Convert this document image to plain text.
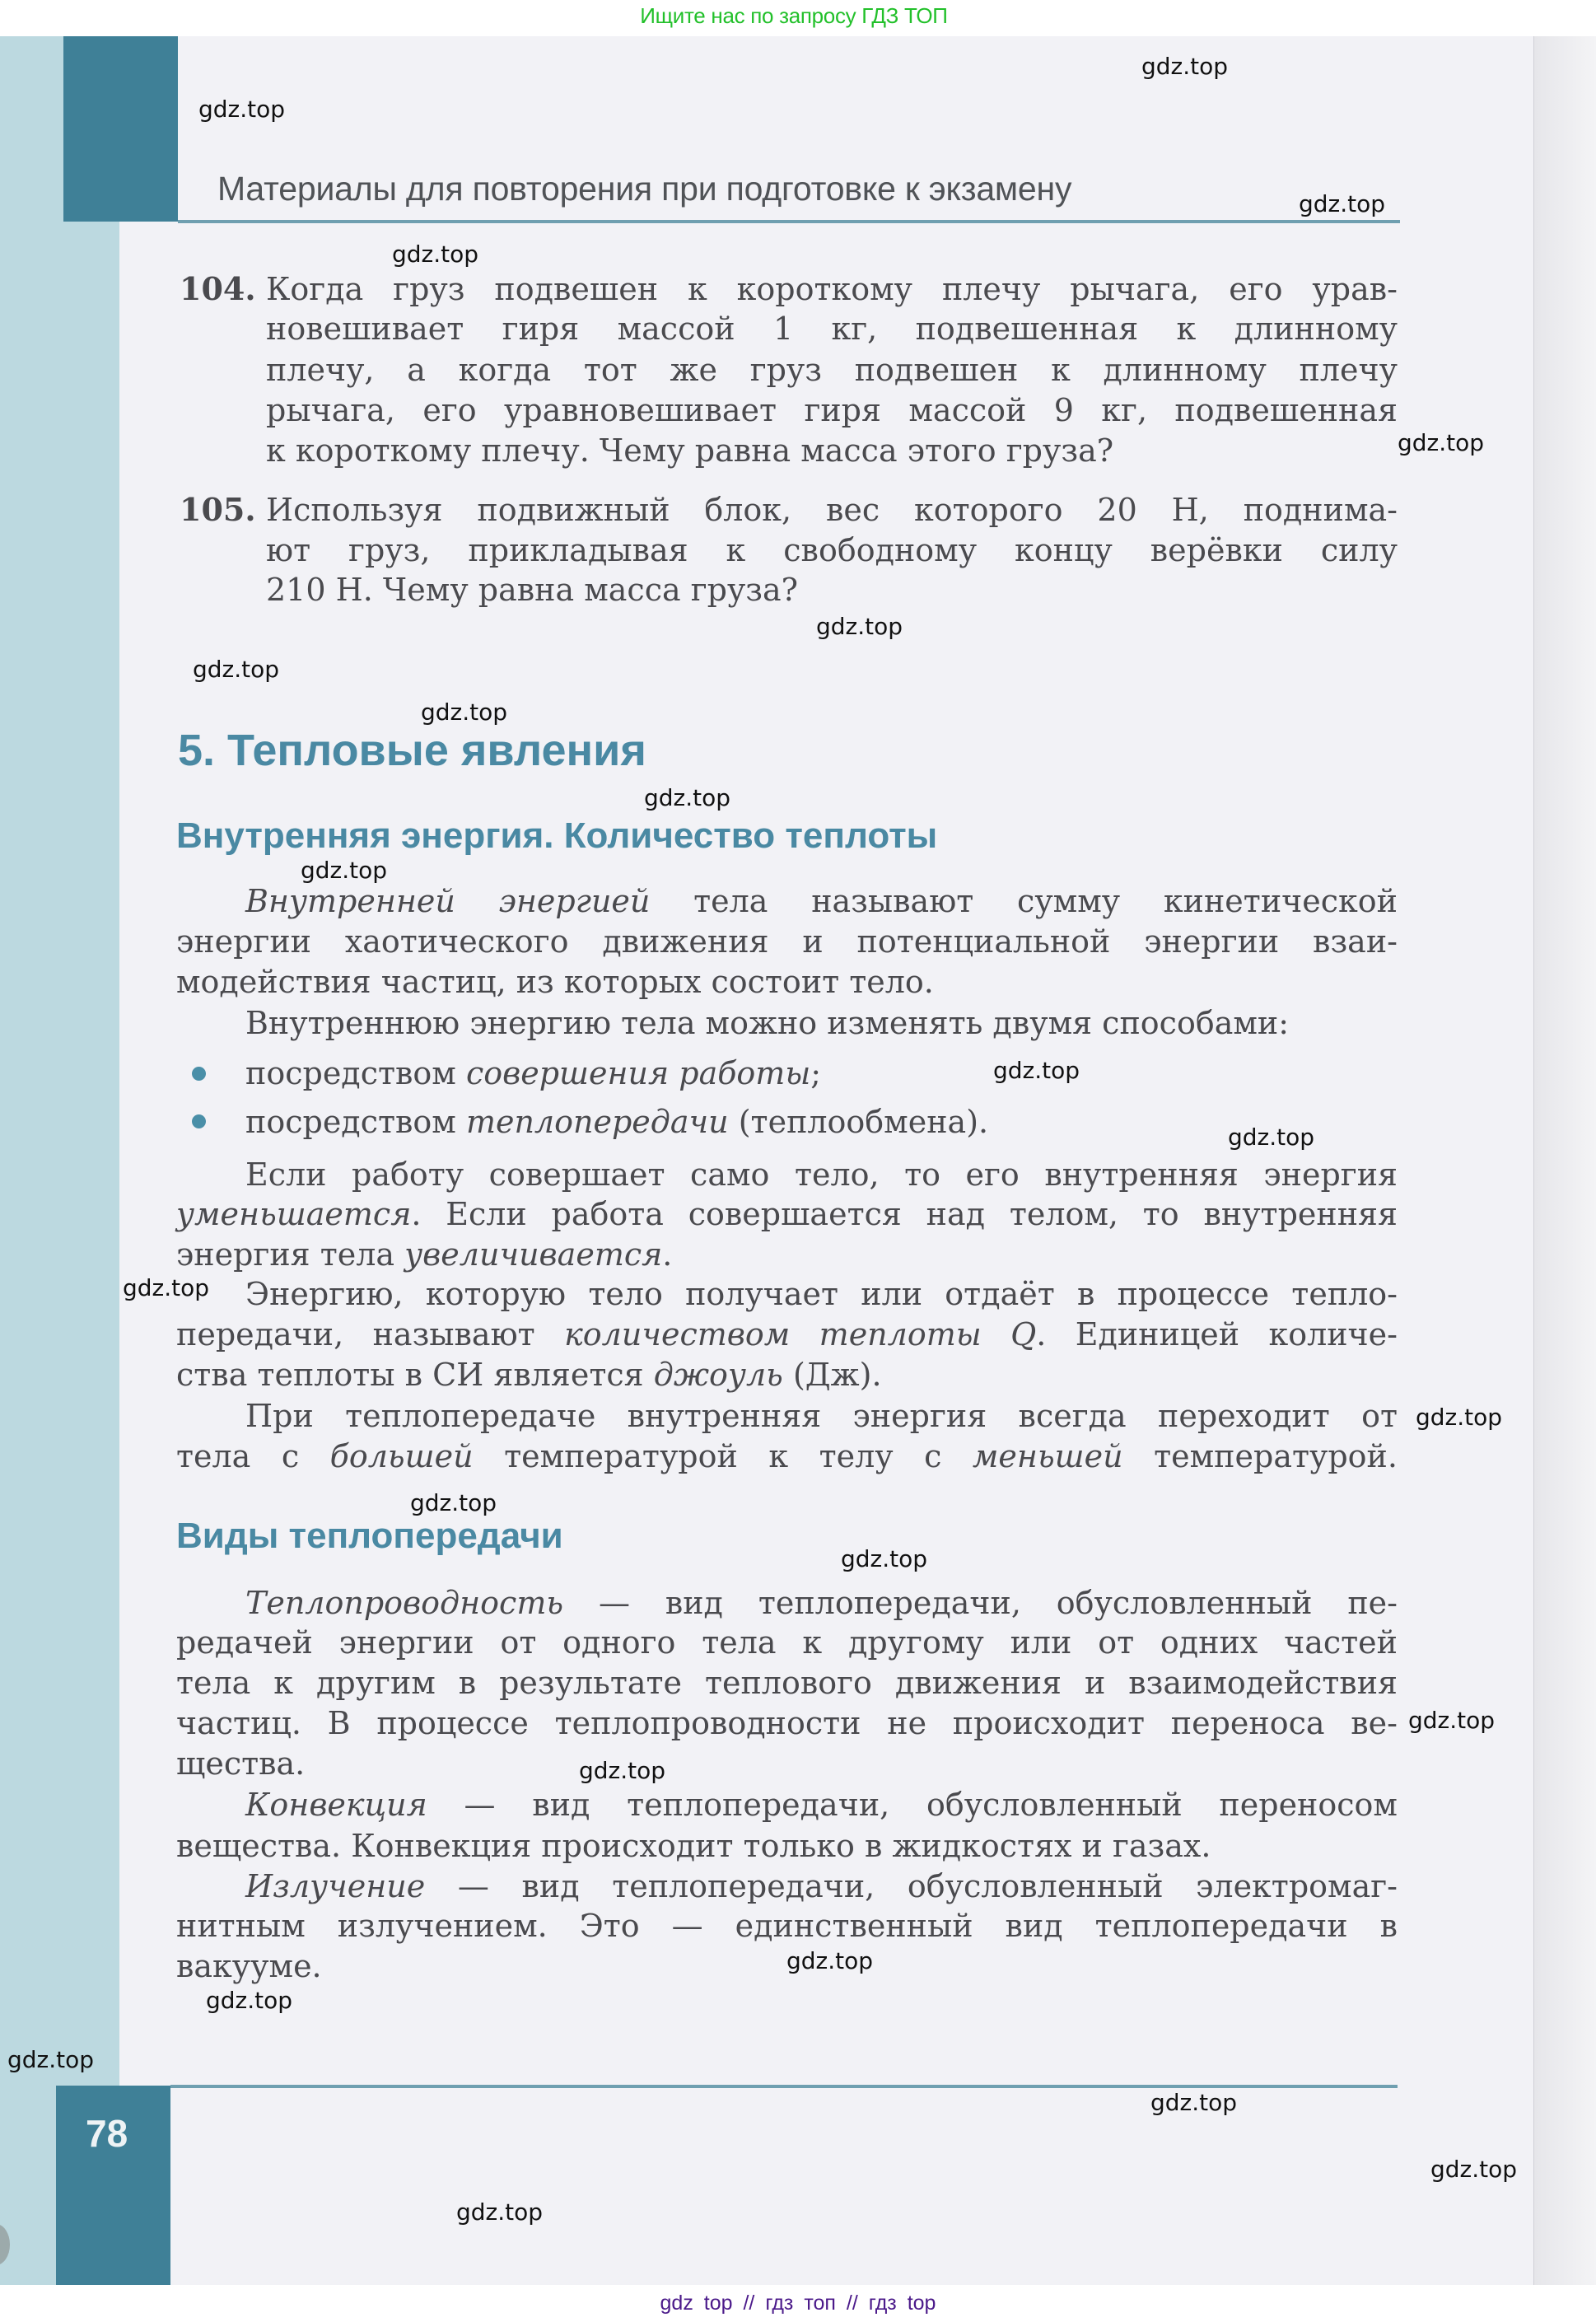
Ищите нас по запросу ГДЗ ТОП
Материалы для повторения при подготовке к экзамену
104. Когда груз подвешен к короткому плечу рычага, его урав-
новешивает гиря массой 1 кг, подвешенная к длинному
плечу, а когда тот же груз подвешен к длинному плечу
рычага, его уравновешивает гиря массой 9 кг, подвешенная
к короткому плечу. Чему равна масса этого груза?
105. Используя подвижный блок, вес которого 20 Н, поднима-
ют груз, прикладывая к свободному концу верёвки силу
210 Н. Чему равна масса груза?
5. Тепловые явления
Внутренняя энергия. Количество теплоты
Внутренней энергией тела называют сумму кинетической
энергии хаотического движения и потенциальной энергии взаи-
модействия частиц, из которых состоит тело.
Внутреннюю энергию тела можно изменять двумя способами:
посредством совершения работы;
посредством теплопередачи (теплообмена).
Если работу совершает само тело, то его внутренняя энергия
уменьшается. Если работа совершается над телом, то внутренняя
энергия тела увеличивается.
Энергию, которую тело получает или отдаёт в процессе тепло-
передачи, называют количеством теплоты Q. Единицей количе-
ства теплоты в СИ является джоуль (Дж).
При теплопередаче внутренняя энергия всегда переходит от
тела с большей температурой к телу с меньшей температурой.
Виды теплопередачи
Теплопроводность — вид теплопередачи, обусловленный пе-
редачей энергии от одного тела к другому или от одних частей
тела к другим в результате теплового движения и взаимодействия
частиц. В процессе теплопроводности не происходит переноса ве-
щества.
Конвекция — вид теплопередачи, обусловленный переносом
вещества. Конвекция происходит только в жидкостях и газах.
Излучение — вид теплопередачи, обусловленный электромаг-
нитным излучением. Это — единственный вид теплопередачи в
вакууме.
78
gdz.top
gdz.top
gdz.top
gdz.top
gdz.top
gdz.top
gdz.top
gdz.top
gdz.top
gdz.top
gdz.top
gdz.top
gdz.top
gdz.top
gdz.top
gdz.top
gdz.top
gdz.top
gdz.top
gdz.top
gdz.top
gdz.top
gdz.top
gdz.top
gdz top // гдз топ // гдз top
